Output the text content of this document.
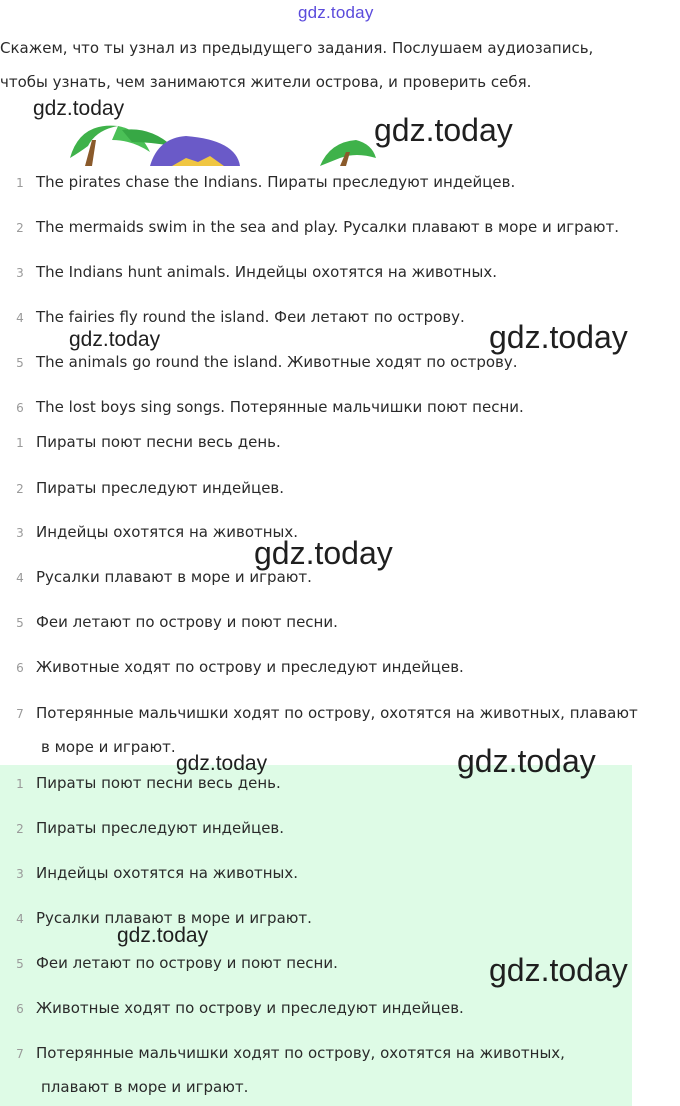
gdz.today
Скажем, что ты узнал из предыдущего задания. Послушаем аудиозапись,
чтобы узнать, чем занимаются жители острова, и проверить себя.
1 The pirates chase the Indians. Пираты преследуют индейцев.
2 The mermaids swim in the sea and play. Русалки плавают в море и играют.
3 The Indians hunt animals. Индейцы охотятся на животных.
4 The fairies fly round the island. Феи летают по острову.
5 The animals go round the island. Животные ходят по острову.
6 The lost boys sing songs. Потерянные мальчишки поют песни.
1 Пираты поют песни весь день.
2 Пираты преследуют индейцев.
3 Индейцы охотятся на животных.
4 Русалки плавают в море и играют.
5 Феи летают по острову и поют песни.
6 Животные ходят по острову и преследуют индейцев.
7 Потерянные мальчишки ходят по острову, охотятся на животных, плавают
в море и играют.
1 Пираты поют песни весь день.
2 Пираты преследуют индейцев.
3 Индейцы охотятся на животных.
4 Русалки плавают в море и играют.
5 Феи летают по острову и поют песни.
6 Животные ходят по острову и преследуют индейцев.
7 Потерянные мальчишки ходят по острову, охотятся на животных,
плавают в море и играют.
gdz.today
gdz.today
gdz.today	gdz.today
gdz.today
gdz.today	gdz.today
gdz.today
gdz.today
